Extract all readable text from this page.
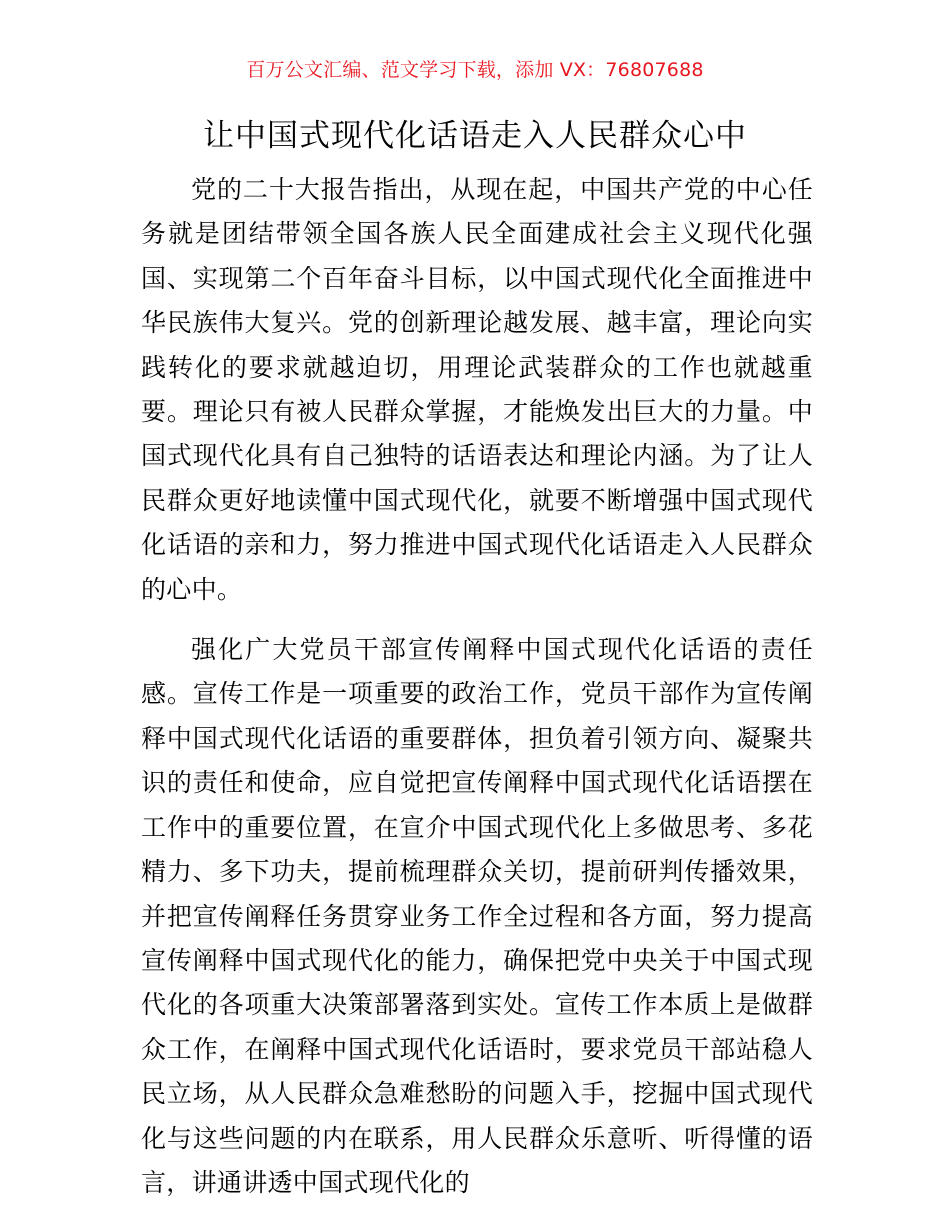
百万公文汇编、范文学习下载，添加 VX：76807688
让中国式现代化话语走入人民群众心中

党的二十大报告指出，从现在起，中国共产党的中心任务就是团结带领全国各族人民全面建成社会主义现代化强国、实现第二个百年奋斗目标，以中国式现代化全面推进中华民族伟大复兴。党的创新理论越发展、越丰富，理论向实践转化的要求就越迫切，用理论武装群众的工作也就越重要。理论只有被人民群众掌握，才能焕发出巨大的力量。中国式现代化具有自己独特的话语表达和理论内涵。为了让人民群众更好地读懂中国式现代化，就要不断增强中国式现代化话语的亲和力，努力推进中国式现代化话语走入人民群众的心中。

强化广大党员干部宣传阐释中国式现代化话语的责任感。宣传工作是一项重要的政治工作，党员干部作为宣传阐释中国式现代化话语的重要群体，担负着引领方向、凝聚共识的责任和使命，应自觉把宣传阐释中国式现代化话语摆在工作中的重要位置，在宣介中国式现代化上多做思考、多花精力、多下功夫，提前梳理群众关切，提前研判传播效果，并把宣传阐释任务贯穿业务工作全过程和各方面，努力提高宣传阐释中国式现代化的能力，确保把党中央关于中国式现代化的各项重大决策部署落到实处。宣传工作本质上是做群众工作，在阐释中国式现代化话语时，要求党员干部站稳人民立场，从人民群众急难愁盼的问题入手，挖掘中国式现代化与这些问题的内在联系，用人民群众乐意听、听得懂的语言，讲通讲透中国式现代化的
